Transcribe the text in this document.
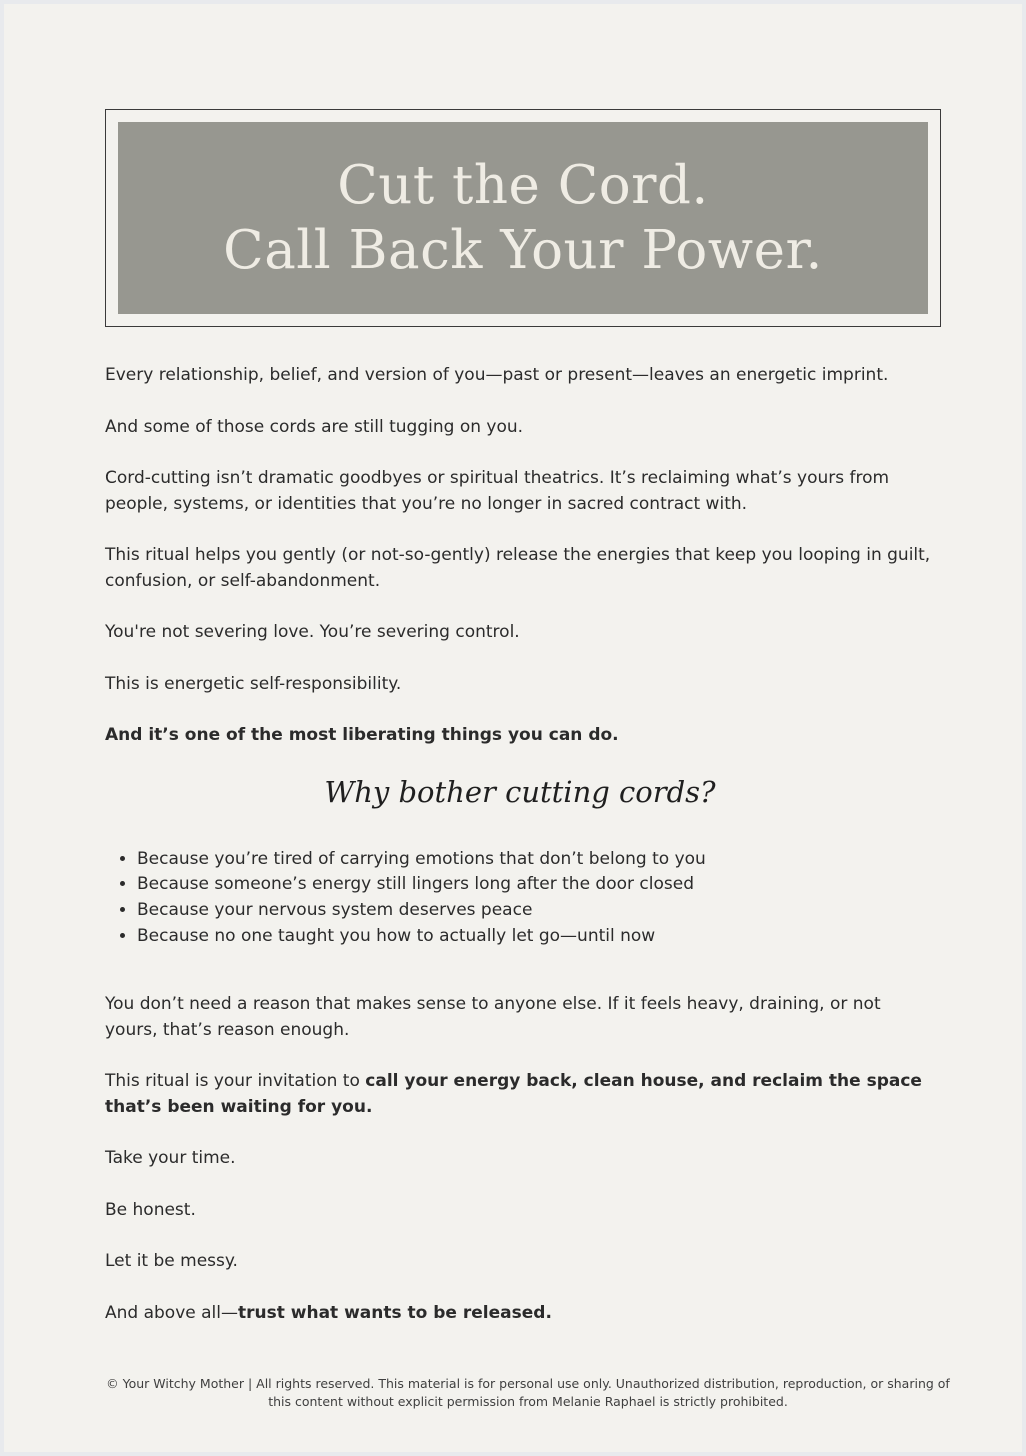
Cut the Cord.
Call Back Your Power.

Every relationship, belief, and version of you—past or present—leaves an energetic imprint.

And some of those cords are still tugging on you.

Cord-cutting isn’t dramatic goodbyes or spiritual theatrics. It’s reclaiming what’s yours from people, systems, or identities that you’re no longer in sacred contract with.

This ritual helps you gently (or not-so-gently) release the energies that keep you looping in guilt, confusion, or self-abandonment.

You're not severing love. You’re severing control.

This is energetic self-responsibility.

And it’s one of the most liberating things you can do.

Why bother cutting cords?
• Because you’re tired of carrying emotions that don’t belong to you
• Because someone’s energy still lingers long after the door closed
• Because your nervous system deserves peace
• Because no one taught you how to actually let go—until now

You don’t need a reason that makes sense to anyone else. If it feels heavy, draining, or not yours, that’s reason enough.

This ritual is your invitation to call your energy back, clean house, and reclaim the space that’s been waiting for you.

Take your time.

Be honest.

Let it be messy.

And above all—trust what wants to be released.

© Your Witchy Mother | All rights reserved. This material is for personal use only. Unauthorized distribution, reproduction, or sharing of this content without explicit permission from Melanie Raphael is strictly prohibited.
